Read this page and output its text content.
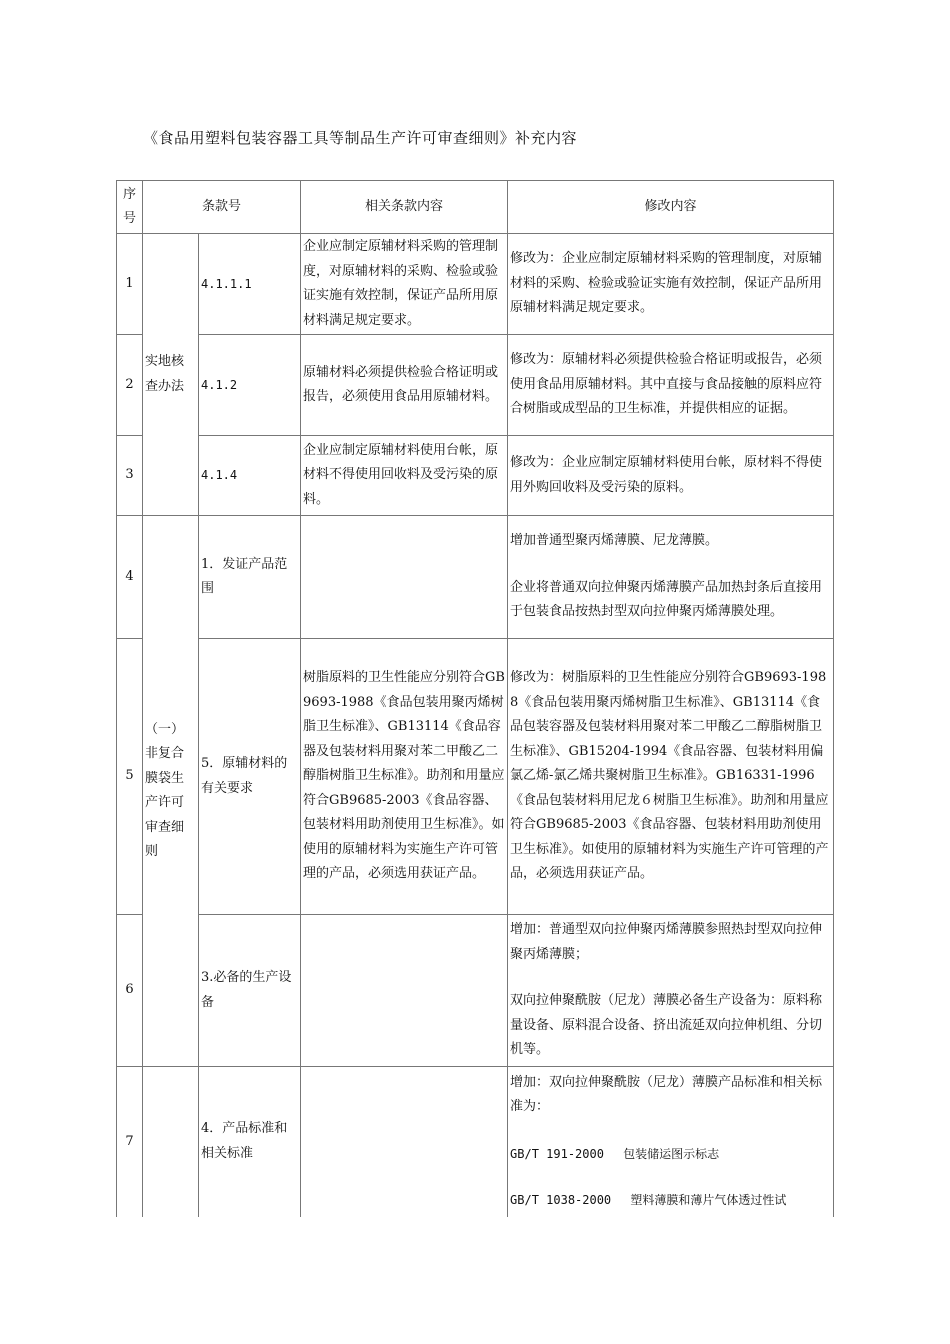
《食品用塑料包装容器工具等制品生产许可审查细则》补充内容
序号	条款号		相关条款内容	修改内容
1	实地核查办法	4.1.1.1	企业应制定原辅材料采购的管理制度，对原辅材料的采购、检验或验证实施有效控制，保证产品所用原材料满足规定要求。	修改为：企业应制定原辅材料采购的管理制度，对原辅材料的采购、检验或验证实施有效控制，保证产品所用原辅材料满足规定要求。

2		4.1.2	原辅材料必须提供检验合格证明或报告，必须使用食品用原辅材料。	修改为：原辅材料必须提供检验合格证明或报告，必须使用食品用原辅材料。其中直接与食品接触的原料应符合树脂或成型品的卫生标准，并提供相应的证据。

3		4.1.4	企业应制定原辅材料使用台帐，原材料不得使用回收料及受污染的原料。	修改为：企业应制定原辅材料使用台帐，原材料不得使用外购回收料及受污染的原料。

4	（一）非复合膜袋生产许可审查细则	1．发证产品范围		增加普通型聚丙烯薄膜、尼龙薄膜。
企业将普通双向拉伸聚丙烯薄膜产品加热封条后直接用于包装食品按热封型双向拉伸聚丙烯薄膜处理。

5		5．原辅材料的有关要求	树脂原料的卫生性能应分别符合GB9693-1988《食品包装用聚丙烯树脂卫生标准》、GB13114《食品容器及包装材料用聚对苯二甲酸乙二醇脂树脂卫生标准》。助剂和用量应符合GB9685-2003《食品容器、包装材料用助剂使用卫生标准》。如使用的原辅材料为实施生产许可管理的产品，必须选用获证产品。	修改为：树脂原料的卫生性能应分别符合GB9693-1988《食品包装用聚丙烯树脂卫生标准》、GB13114《食品包装容器及包装材料用聚对苯二甲酸乙二醇脂树脂卫生标准》、GB15204-1994《食品容器、包装材料用偏氯乙烯-氯乙烯共聚树脂卫生标准》。GB16331-1996《食品包装材料用尼龙６树脂卫生标准》。助剂和用量应符合GB9685-2003《食品容器、包装材料用助剂使用卫生标准》。如使用的原辅材料为实施生产许可管理的产品，必须选用获证产品。

6		3.必备的生产设备		增加：普通型双向拉伸聚丙烯薄膜参照热封型双向拉伸聚丙烯薄膜；
双向拉伸聚酰胺（尼龙）薄膜必备生产设备为：原料称量设备、原料混合设备、挤出流延双向拉伸机组、分切机等。

7		4．产品标准和相关标准		增加：双向拉伸聚酰胺（尼龙）薄膜产品标准和相关标准为：
GB/T 191-2000　 包装储运图示标志
GB/T 1038-2000　 塑料薄膜和薄片气体透过性试
